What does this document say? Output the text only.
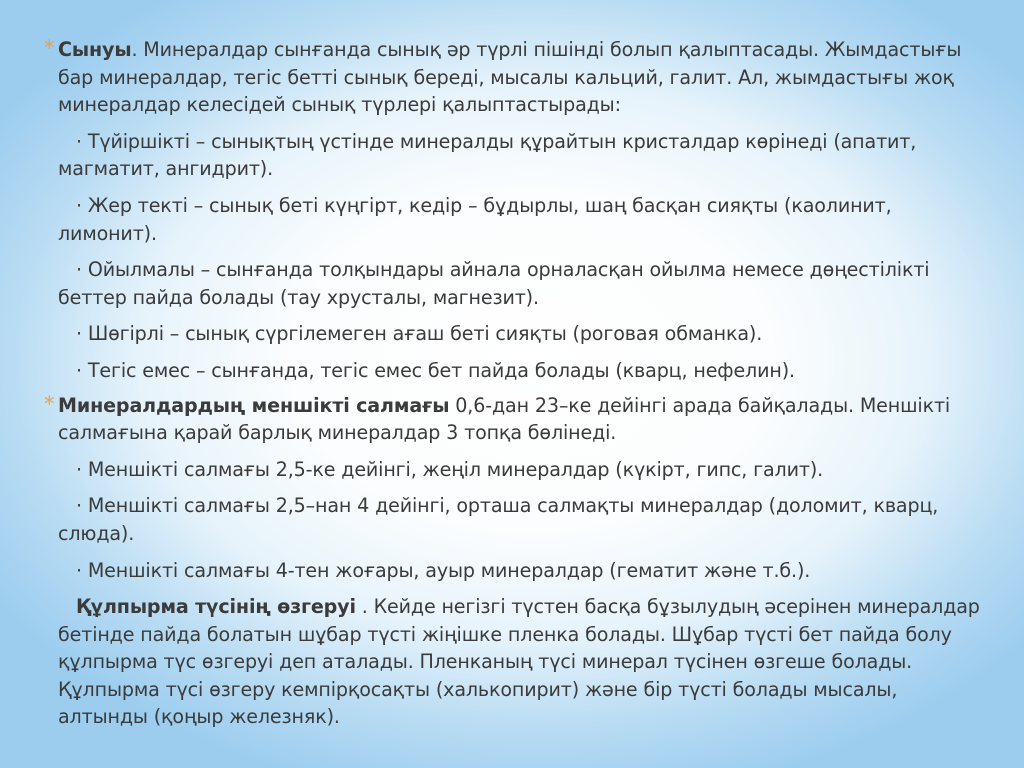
* Сынуы. Минералдар сынғанда сынық әр түрлі пішінді болып қалыптасады. Жымдастығы бар минералдар, тегіс бетті сынық береді, мысалы кальций, галит. Ал, жымдастығы жоқ минералдар келесідей сынық түрлері қалыптастырады:

· Түйіршікті – сынықтың үстінде минералды құрайтын кристалдар көрінеді (апатит, магматит, ангидрит).

· Жер текті – сынық беті күңгірт, кедір – бұдырлы, шаң басқан сияқты (каолинит, лимонит).

· Ойылмалы – сынғанда толқындары айнала орналасқан ойылма немесе дөңестілікті беттер пайда болады (тау хрусталы, магнезит).

· Шөгірлі – сынық сүргілемеген ағаш беті сияқты (роговая обманка).

· Тегіс емес – сынғанда, тегіс емес бет пайда болады (кварц, нефелин).

* Минералдардың меншікті салмағы 0,6-дан 23–ке дейінгі арада байқалады. Меншікті салмағына қарай барлық минералдар 3 топқа бөлінеді.

· Меншікті салмағы 2,5-ке дейінгі, жеңіл минералдар (күкірт, гипс, галит).

· Меншікті салмағы 2,5–нан 4 дейінгі, орташа салмақты минералдар (доломит, кварц, слюда).

· Меншікті салмағы 4-тен жоғары, ауыр минералдар (гематит және т.б.).

Құлпырма түсінің өзгеруі . Кейде негізгі түстен басқа бұзылудың әсерінен минералдар бетінде пайда болатын шұбар түсті жіңішке пленка болады. Шұбар түсті бет пайда болу құлпырма түс өзгеруі деп аталады. Пленканың түсі минерал түсінен өзгеше болады. Құлпырма түсі өзгеру кемпірқосақты (халькопирит) және бір түсті болады мысалы, алтынды (қоңыр железняк).
